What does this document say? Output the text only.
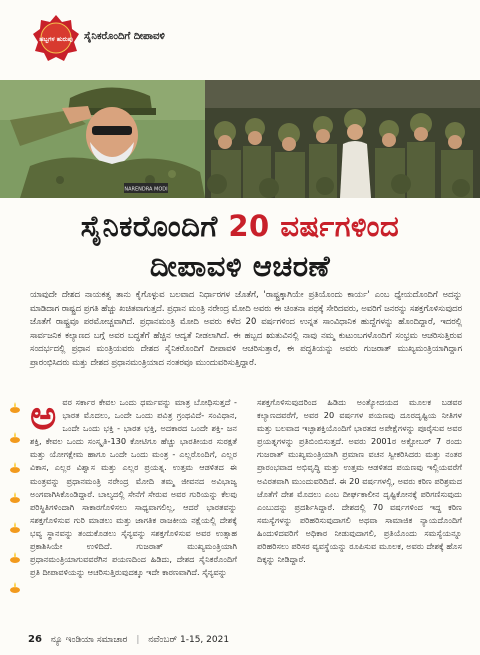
ಹಬ್ಬಗಳ ಹುರುಪು ಸೈನಿಕರೊಂದಿಗೆ ದೀಪಾವಳಿ
NARENDRA MODI
ಸೈನಿಕರೊಂದಿಗೆ 20 ವರ್ಷಗಳಿಂದ
ದೀಪಾವಳಿ ಆಚರಣೆ

ಯಾವುದೇ ದೇಶದ ನಾಯಕತ್ವ ತಾನು ಕೈಗೊಳ್ಳುವ ಬಲವಾದ ನಿರ್ಧಾರಗಳ ಜೊತೆಗೆ, 'ರಾಷ್ಟ್ರಕ್ಕಾಗಿಯೇ ಪ್ರತಿಯೊಂದು ಕಾರ್ಯ' ಎಂಬ ಧ್ಯೇಯದೊಂದಿಗೆ ಅದನ್ನು ಮಾಡಿದಾಗ ರಾಷ್ಟ್ರದ ಪ್ರಗತಿ ಹೆಚ್ಚು ಖಚಿತವಾಗುತ್ತದೆ. ಪ್ರಧಾನ ಮಂತ್ರಿ ನರೇಂದ್ರ ಮೋದಿ ಅವರು ಈ ಚಿಂತನಾ ಪಥಕ್ಕೆ ಸೇರಿದವರು, ಅವರಿಗೆ ಜನರನ್ನು ಸಶಕ್ತಗೊಳಿಸುವುದರ ಜೊತೆಗೆ ರಾಷ್ಟ್ರವೂ ಪರಮೋಚ್ಚವಾಗಿದೆ. ಪ್ರಧಾನಮಂತ್ರಿ ಮೋದಿ ಅವರು ಕಳೆದ 20 ವರ್ಷಗಳಿಂದ ಉನ್ನತ ಸಾಂವಿಧಾನಿಕ ಹುದ್ದೆಗಳನ್ನು ಹೊಂದಿದ್ದಾರೆ, ಇದರಲ್ಲಿ ಸಾರ್ವಜನಿಕ ಕಲ್ಯಾಣದ ಬಗ್ಗೆ ಅವರ ಬದ್ಧತೆಗೆ ಹೆಚ್ಚಿನ ಆದ್ಯತೆ ನೀಡಲಾಗಿದೆ. ಈ ಹಬ್ಬದ ಋತುವಿನಲ್ಲಿ ನಾವು ನಮ್ಮ ಕುಟುಂಬಗಳೊಂದಿಗೆ ಸಂಭ್ರಮ ಆಚರಿಸುತ್ತಿರುವ ಸಂದರ್ಭದಲ್ಲಿ ಪ್ರಧಾನ ಮಂತ್ರಿಯವರು ದೇಶದ ಸೈನಿಕರೊಂದಿಗೆ ದೀಪಾವಳಿ ಆಚರಿಸುತ್ತಾರೆ, ಈ ಪದ್ಧತಿಯನ್ನು ಅವರು ಗುಜರಾತ್ ಮುಖ್ಯಮಂತ್ರಿಯಾಗಿದ್ದಾಗ ಪ್ರಾರಂಭಿಸಿದರು ಮತ್ತು ದೇಶದ ಪ್ರಧಾನಮಂತ್ರಿಯಾದ ನಂತರವೂ ಮುಂದುವರಿಸುತ್ತಿದ್ದಾರೆ.

ಅ ವರ ಸರ್ಕಾರ ಕೇವಲ ಒಂದು ಧರ್ಮವನ್ನು ಮಾತ್ರ ಬೋಧಿಸುತ್ತದೆ - ಭಾರತ ಮೊದಲು, ಒಂದೇ ಒಂದು ಪವಿತ್ರ ಗ್ರಂಥವಿದೆ- ಸಂವಿಧಾನ, ಒಂದೇ ಒಂದು ಭಕ್ತಿ - ಭಾರತ ಭಕ್ತಿ, ಅದಕಾರದ ಒಂದೇ ಶಕ್ತಿ- ಜನ ಶಕ್ತಿ, ಕೇವಲ ಒಂದು ಸಂಸ್ಕೃತಿ-130 ಕೋಟಿಗೂ ಹೆಚ್ಚು ಭಾರತೀಯರ ಸುರಕ್ಷತೆ ಮತ್ತು ಯೋಗಕ್ಷೇಮ ಹಾಗೂ ಒಂದೇ ಒಂದು ಮಂತ್ರ - ಎಲ್ಲರೊಂದಿಗೆ, ಎಲ್ಲರ ವಿಕಾಸ, ಎಲ್ಲರ ವಿಶ್ವಾಸ ಮತ್ತು ಎಲ್ಲರ ಪ್ರಯತ್ನ. ಉತ್ತಮ ಆಡಳಿತದ ಈ ಮಂತ್ರವನ್ನು ಪ್ರಧಾನಮಂತ್ರಿ ನರೇಂದ್ರ ಮೋದಿ ತಮ್ಮ ಜೀವನದ ಅವಿಭಾಜ್ಯ ಅಂಗವಾಗಿಸಿಕೊಂಡಿದ್ದಾರೆ. ಬಾಲ್ಯದಲ್ಲಿ ಸೇನೆಗೆ ಸೇರುವ ಅವರ ಗುರಿಯನ್ನು ಕೆಲವು ಪರಿಸ್ಥಿತಿಗಳಿಂದಾಗಿ ಸಾಕಾರಗೊಳಿಸಲು ಸಾಧ್ಯವಾಗಲಿಲ್ಲ, ಆದರೆ ಭಾರತವನ್ನು ಸಶಕ್ತಗೊಳಿಸುವ ಗುರಿ ಮಾಡಲು ಮತ್ತು ಜಾಗತಿಕ ರಾಜಕೀಯ ನಕ್ಷೆಯಲ್ಲಿ ದೇಶಕ್ಕೆ ಭವ್ಯ ಸ್ಥಾನವನ್ನು ತಂದುಕೊಡಲು ಸೈನ್ಯವನ್ನು ಸಶಕ್ತಗೊಳಿಸುವ ಅವರ ಉತ್ಸಾಹ ಪ್ರಕಾಶಿಸಿಯೇ ಉಳಿದಿದೆ. ಗುಜರಾತ್ ಮುಖ್ಯಮಂತ್ರಿಯಾಗಿ ಪ್ರಧಾನಮಂತ್ರಿಯಾಗುವವರೆಗಿನ ಪಯಣದಿಂದ ಹಿಡಿದು, ದೇಶದ ಸೈನಿಕರೊಂದಿಗೆ ಪ್ರತಿ ದೀಪಾವಳಿಯನ್ನು ಆಚರಿಸುತ್ತಿರುವುದಕ್ಕೂ ಇದೇ ಕಾರಣವಾಗಿದೆ. ಸೈನ್ಯವನ್ನು

ಸಶಕ್ತಗೊಳಿಸುವುದರಿಂದ ಹಿಡಿದು ಅಂತ್ಯೋದಯದ ಮೂಲಕ ಬಡವರ ಕಲ್ಯಾಣದವರೆಗೆ, ಅವರ 20 ವರ್ಷಗಳ ಪಯಣವು ದೂರದೃಷ್ಟಿಯ ನೀತಿಗಳ ಮತ್ತು ಬಲವಾದ ಇಚ್ಛಾಶಕ್ತಿಯೊಂದಿಗೆ ಭಾರತದ ಅಪೇಕ್ಷೆಗಳನ್ನು ಪೂರೈಸುವ ಅವರ ಪ್ರಯತ್ನಗಳನ್ನು ಪ್ರತಿಬಿಂಬಿಸುತ್ತದೆ. ಅವರು 2001ರ ಅಕ್ಟೋಬರ್ 7 ರಂದು ಗುಜರಾತ್ ಮುಖ್ಯಮಂತ್ರಿಯಾಗಿ ಪ್ರಮಾಣ ವಚನ ಸ್ವೀಕರಿಸಿದರು ಮತ್ತು ನಂತರ ಪ್ರಾರಂಭವಾದ ಅಭಿವೃದ್ಧಿ ಮತ್ತು ಉತ್ತಮ ಆಡಳಿತದ ಪಯಣವು ಇಲ್ಲಿಯವರೆಗೆ ಅವಿರತವಾಗಿ ಮುಂದುವರಿದಿದೆ. ಈ 20 ವರ್ಷಗಳಲ್ಲಿ, ಅವರು ಕಠಿಣ ಪರಿಶ್ರಮದ ಜೊತೆಗೆ ದೇಶ ಮೊದಲು ಎಂಬ ದೀರ್ಘಕಾಲೀನ ದೃಷ್ಟಿಕೋನಕ್ಕೆ ಪರಿಗಣಿಸುವುದು ಎಂಬುದನ್ನು ಪ್ರದರ್ಶಿಸಿದ್ದಾರೆ. ದೇಶದಲ್ಲಿ 70 ವರ್ಷಗಳಿಂದ ಇದ್ದ ಕಠಿಣ ಸಮಸ್ಯೆಗಳನ್ನು ಪರಿಹರಿಸುವುದಾಗಲಿ ಅಥವಾ ಸಾಮಾಜಿಕ ನ್ಯಾಯದೊಂದಿಗೆ ಹಿಂದುಳಿದವರಿಗೆ ಅಧಿಕಾರ ನೀಡುವುದಾಗಲಿ, ಪ್ರತಿಯೊಂದು ಸಮಸ್ಯೆಯನ್ನೂ ಪರಿಹರಿಸಲು ಪರಿಸರ ವ್ಯವಸ್ಥೆಯನ್ನು ರೂಪಿಸುವ ಮೂಲಕ, ಅವರು ದೇಶಕ್ಕೆ ಹೊಸ ದಿಕ್ಕನ್ನು ನೀಡಿದ್ದಾರೆ.

26 ನ್ಯೂ ಇಂಡಿಯಾ ಸಮಾಚಾರ | ನವೆಂಬರ್ 1-15, 2021
